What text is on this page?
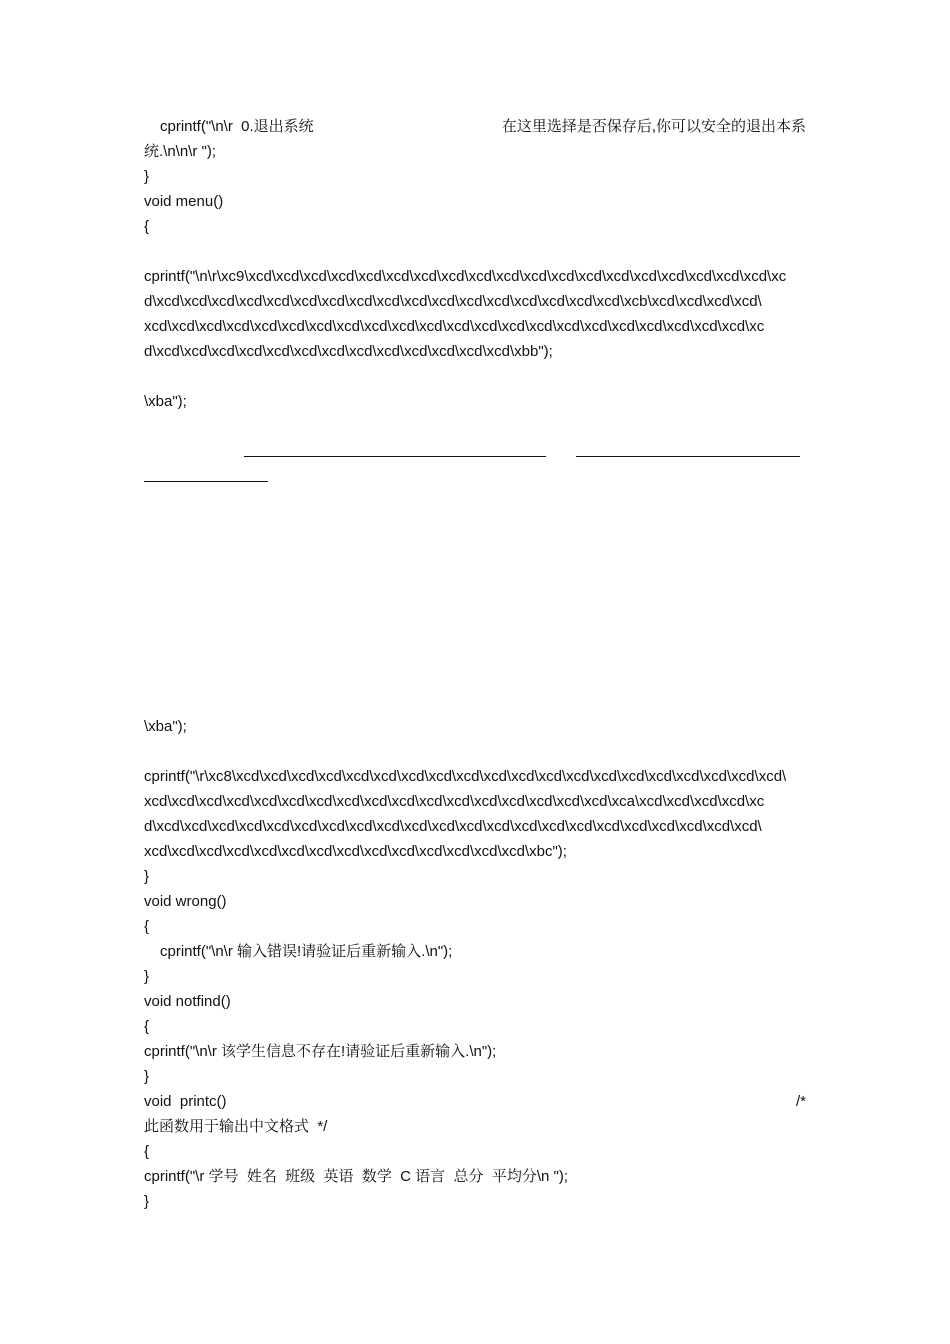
cprintf("\n\r  0.退出系统	在这里选择是否保存后,你可以安全的退出本系
统.\n\n\r ");
}
void menu()
{
cprintf("\n\r\xc9\xcd\xcd\xcd\xcd\xcd\xcd\xcd\xcd\xcd\xcd\xcd\xcd\xcd\xcd\xcd\xcd\xcd\xcd\xcd\xc
d\xcd\xcd\xcd\xcd\xcd\xcd\xcd\xcd\xcd\xcd\xcd\xcd\xcd\xcd\xcd\xcd\xcd\xcb\xcd\xcd\xcd\xcd\
xcd\xcd\xcd\xcd\xcd\xcd\xcd\xcd\xcd\xcd\xcd\xcd\xcd\xcd\xcd\xcd\xcd\xcd\xcd\xcd\xcd\xcd\xc
d\xcd\xcd\xcd\xcd\xcd\xcd\xcd\xcd\xcd\xcd\xcd\xcd\xcd\xbb");

\xba");

\xba");
cprintf("\r\xc8\xcd\xcd\xcd\xcd\xcd\xcd\xcd\xcd\xcd\xcd\xcd\xcd\xcd\xcd\xcd\xcd\xcd\xcd\xcd\xcd\
xcd\xcd\xcd\xcd\xcd\xcd\xcd\xcd\xcd\xcd\xcd\xcd\xcd\xcd\xcd\xcd\xcd\xca\xcd\xcd\xcd\xcd\xc
d\xcd\xcd\xcd\xcd\xcd\xcd\xcd\xcd\xcd\xcd\xcd\xcd\xcd\xcd\xcd\xcd\xcd\xcd\xcd\xcd\xcd\xcd\
xcd\xcd\xcd\xcd\xcd\xcd\xcd\xcd\xcd\xcd\xcd\xcd\xcd\xcd\xbc");
}
void wrong()
{
cprintf("\n\r 输入错误!请验证后重新输入.\n");
}
void notfind()
{
cprintf("\n\r 该学生信息不存在!请验证后重新输入.\n");
}
void  printc()	/*
此函数用于输出中文格式  */
{
cprintf("\r 学号  姓名  班级  英语  数学  C 语言  总分  平均分\n ");
}
